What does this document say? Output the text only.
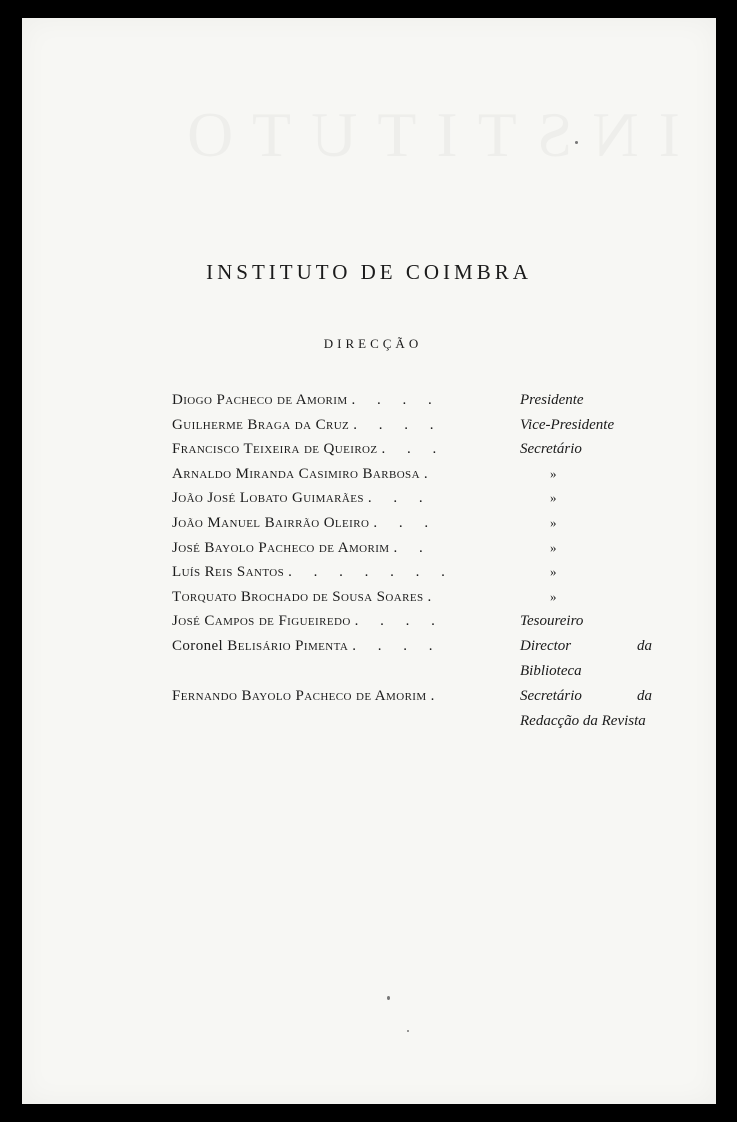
INSTITUTO DE COIMBRA
DIRECÇÃO
Diogo Pacheco de Amorim . . . .	Presidente
Guilherme Braga da Cruz . . . .	Vice-Presidente
Francisco Teixeira de Queiroz . . .	Secretário
Arnaldo Miranda Casimiro Barbosa .	»
João José Lobato Guimarães . . .	»
João Manuel Bairrão Oleiro . . .	»
José Bayolo Pacheco de Amorim . .	»
Luís Reis Santos . . . . . . .	»
Torquato Brochado de Sousa Soares .	»
José Campos de Figueiredo . . . .	Tesoureiro
Coronel Belisário Pimenta . . . .	Director da Biblioteca
Fernando Bayolo Pacheco de Amorim .	Secretário da Redacção da Revista
